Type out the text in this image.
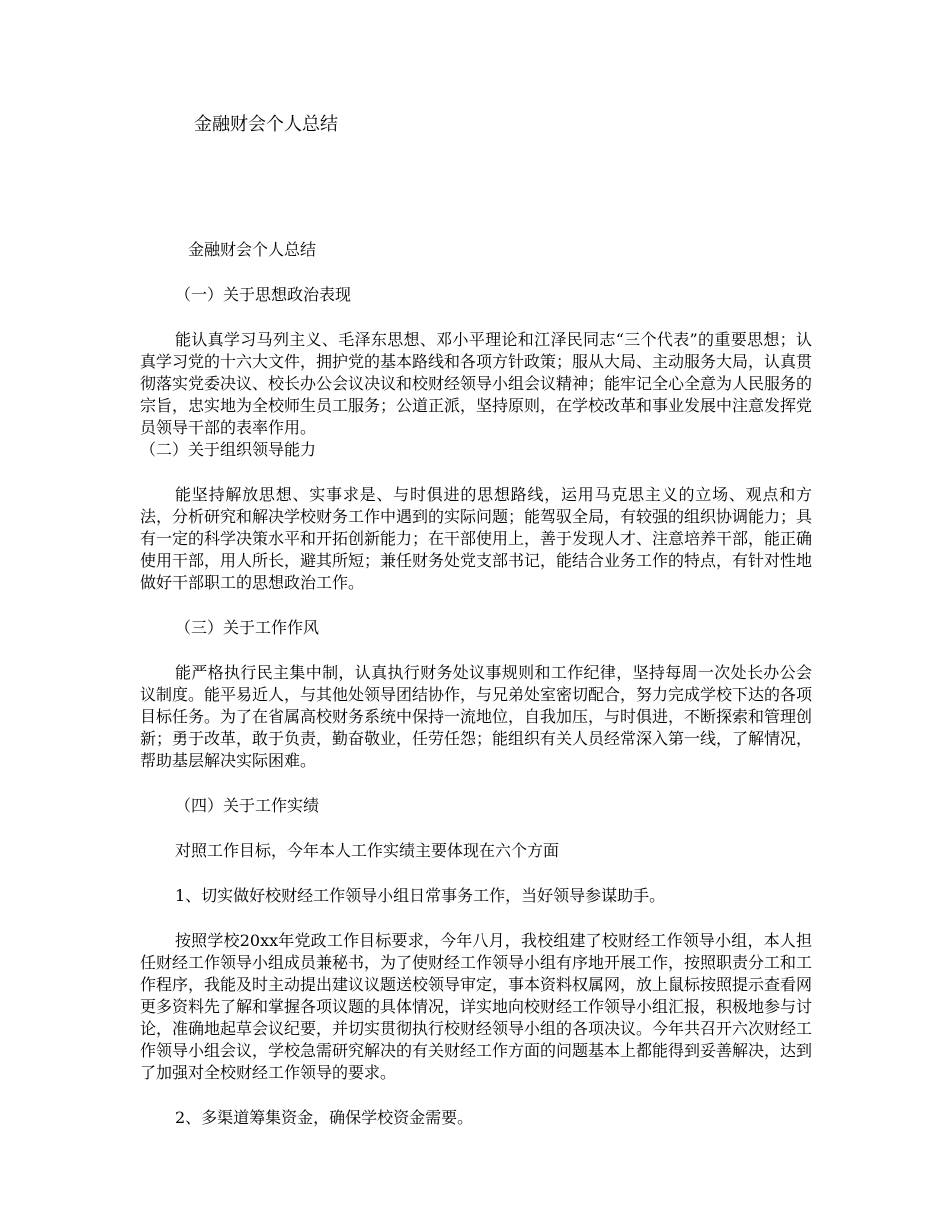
金融财会个人总结

金融财会个人总结

（一）关于思想政治表现

能认真学习马列主义、毛泽东思想、邓小平理论和江泽民同志“三个代表”的重要思想；认真学习党的十六大文件，拥护党的基本路线和各项方针政策；服从大局、主动服务大局，认真贯彻落实党委决议、校长办公会议决议和校财经领导小组会议精神；能牢记全心全意为人民服务的宗旨，忠实地为全校师生员工服务；公道正派，坚持原则，在学校改革和事业发展中注意发挥党员领导干部的表率作用。

（二）关于组织领导能力

能坚持解放思想、实事求是、与时俱进的思想路线，运用马克思主义的立场、观点和方法，分析研究和解决学校财务工作中遇到的实际问题；能驾驭全局，有较强的组织协调能力；具有一定的科学决策水平和开拓创新能力；在干部使用上，善于发现人才、注意培养干部，能正确使用干部，用人所长，避其所短；兼任财务处党支部书记，能结合业务工作的特点，有针对性地做好干部职工的思想政治工作。

（三）关于工作作风

能严格执行民主集中制，认真执行财务处议事规则和工作纪律，坚持每周一次处长办公会议制度。能平易近人，与其他处领导团结协作，与兄弟处室密切配合，努力完成学校下达的各项目标任务。为了在省属高校财务系统中保持一流地位，自我加压，与时俱进，不断探索和管理创新；勇于改革，敢于负责，勤奋敬业，任劳任怨；能组织有关人员经常深入第一线，了解情况，帮助基层解决实际困难。

（四）关于工作实绩

对照工作目标，今年本人工作实绩主要体现在六个方面

1、切实做好校财经工作领导小组日常事务工作，当好领导参谋助手。

按照学校20xx年党政工作目标要求，今年八月，我校组建了校财经工作领导小组，本人担任财经工作领导小组成员兼秘书，为了使财经工作领导小组有序地开展工作，按照职责分工和工作程序，我能及时主动提出建议议题送校领导审定，事本资料权属网，放上鼠标按照提示查看网更多资料先了解和掌握各项议题的具体情况，详实地向校财经工作领导小组汇报，积极地参与讨论，准确地起草会议纪要，并切实贯彻执行校财经领导小组的各项决议。今年共召开六次财经工作领导小组会议，学校急需研究解决的有关财经工作方面的问题基本上都能得到妥善解决，达到了加强对全校财经工作领导的要求。

2、多渠道筹集资金，确保学校资金需要。
